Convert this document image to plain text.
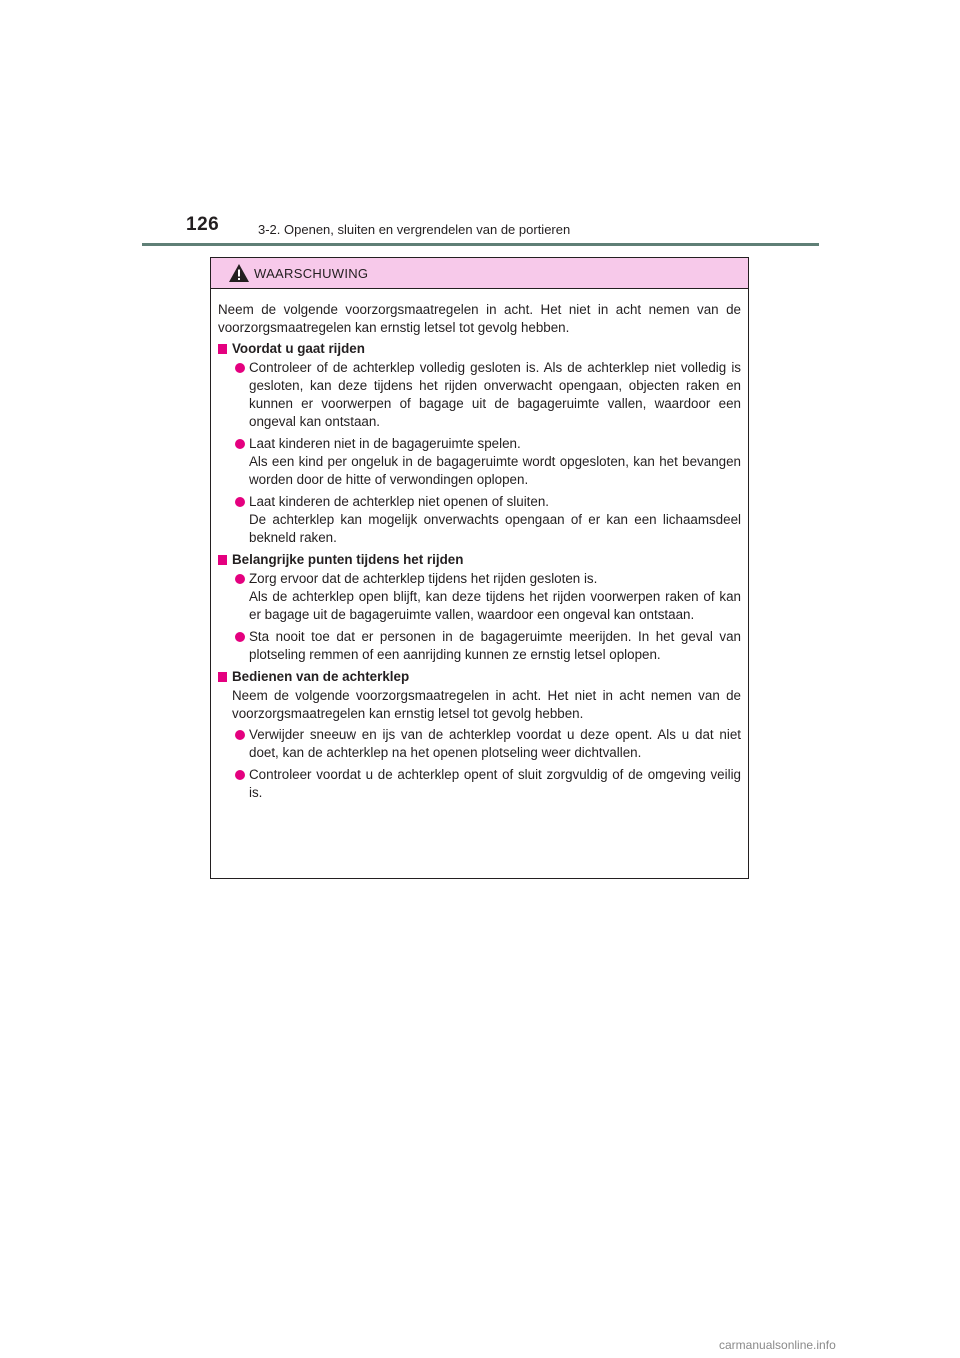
126	3-2. Openen, sluiten en vergrendelen van de portieren
WAARSCHUWING

Neem de volgende voorzorgsmaatregelen in acht. Het niet in acht nemen van de voorzorgsmaatregelen kan ernstig letsel tot gevolg hebben.

Voordat u gaat rijden
Controleer of de achterklep volledig gesloten is. Als de achterklep niet volledig is gesloten, kan deze tijdens het rijden onverwacht opengaan, objecten raken en kunnen er voorwerpen of bagage uit de bagageruimte vallen, waardoor een ongeval kan ontstaan.
Laat kinderen niet in de bagageruimte spelen.
Als een kind per ongeluk in de bagageruimte wordt opgesloten, kan het bevangen worden door de hitte of verwondingen oplopen.
Laat kinderen de achterklep niet openen of sluiten.
De achterklep kan mogelijk onverwachts opengaan of er kan een lichaamsdeel bekneld raken.
Belangrijke punten tijdens het rijden
Zorg ervoor dat de achterklep tijdens het rijden gesloten is.
Als de achterklep open blijft, kan deze tijdens het rijden voorwerpen raken of kan er bagage uit de bagageruimte vallen, waardoor een ongeval kan ontstaan.
Sta nooit toe dat er personen in de bagageruimte meerijden. In het geval van plotseling remmen of een aanrijding kunnen ze ernstig letsel oplopen.
Bedienen van de achterklep

Neem de volgende voorzorgsmaatregelen in acht. Het niet in acht nemen van de voorzorgsmaatregelen kan ernstig letsel tot gevolg hebben.

Verwijder sneeuw en ijs van de achterklep voordat u deze opent. Als u dat niet doet, kan de achterklep na het openen plotseling weer dichtvallen.
Controleer voordat u de achterklep opent of sluit zorgvuldig of de omgeving veilig is.
carmanualsonline.info
